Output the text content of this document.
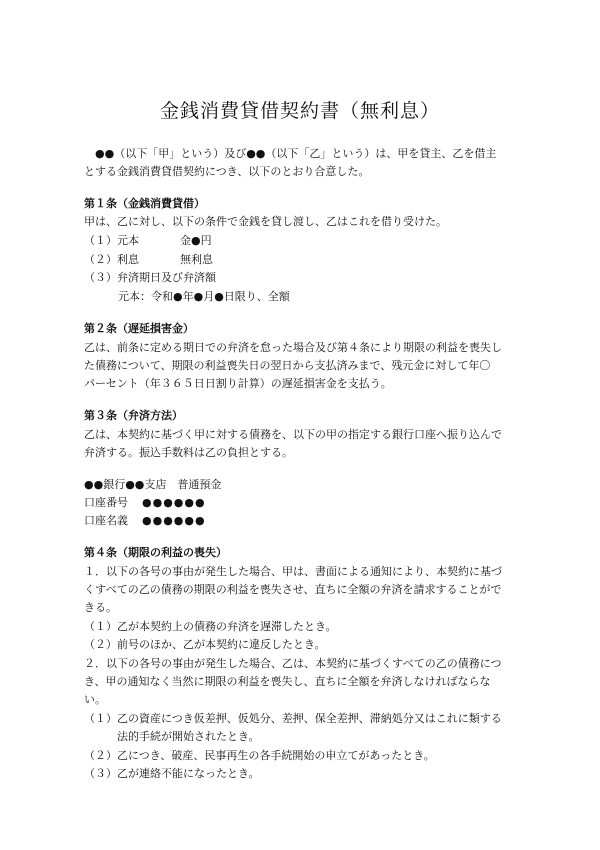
金銭消費貸借契約書（無利息）
　●●（以下「甲」という）及び●●（以下「乙」という）は、甲を貸主、乙を借主
とする金銭消費貸借契約につき、以下のとおり合意した。
第１条（金銭消費貸借）
甲は、乙に対し、以下の条件で金銭を貸し渡し、乙はこれを借り受けた。
（１）元本	金●円
（２）利息	無利息
（３）弁済期日及び弁済額
元本：令和●年●月●日限り、全額
第２条（遅延損害金）
乙は、前条に定める期日での弁済を怠った場合及び第４条により期限の利益を喪失し
た債務について、期限の利益喪失日の翌日から支払済みまで、残元金に対して年〇
パーセント（年３６５日日割り計算）の遅延損害金を支払う。
第３条（弁済方法）
乙は、本契約に基づく甲に対する債務を、以下の甲の指定する銀行口座へ振り込んで
弁済する。振込手数料は乙の負担とする。
●●銀行●●支店　普通預金
口座番号 ●●●●●●
口座名義 ●●●●●●
第４条（期限の利益の喪失）
１．以下の各号の事由が発生した場合、甲は、書面による通知により、本契約に基づ
くすべての乙の債務の期限の利益を喪失させ、直ちに全額の弁済を請求することがで
きる。
（１）乙が本契約上の債務の弁済を遅滞したとき。
（２）前号のほか、乙が本契約に違反したとき。
２．以下の各号の事由が発生した場合、乙は、本契約に基づくすべての乙の債務につ
き、甲の通知なく当然に期限の利益を喪失し、直ちに全額を弁済しなければならな
い。
（１）乙の資産につき仮差押、仮処分、差押、保全差押、滞納処分又はこれに類する
法的手続が開始されたとき。
（２）乙につき、破産、民事再生の各手続開始の申立てがあったとき。
（３）乙が連絡不能になったとき。
